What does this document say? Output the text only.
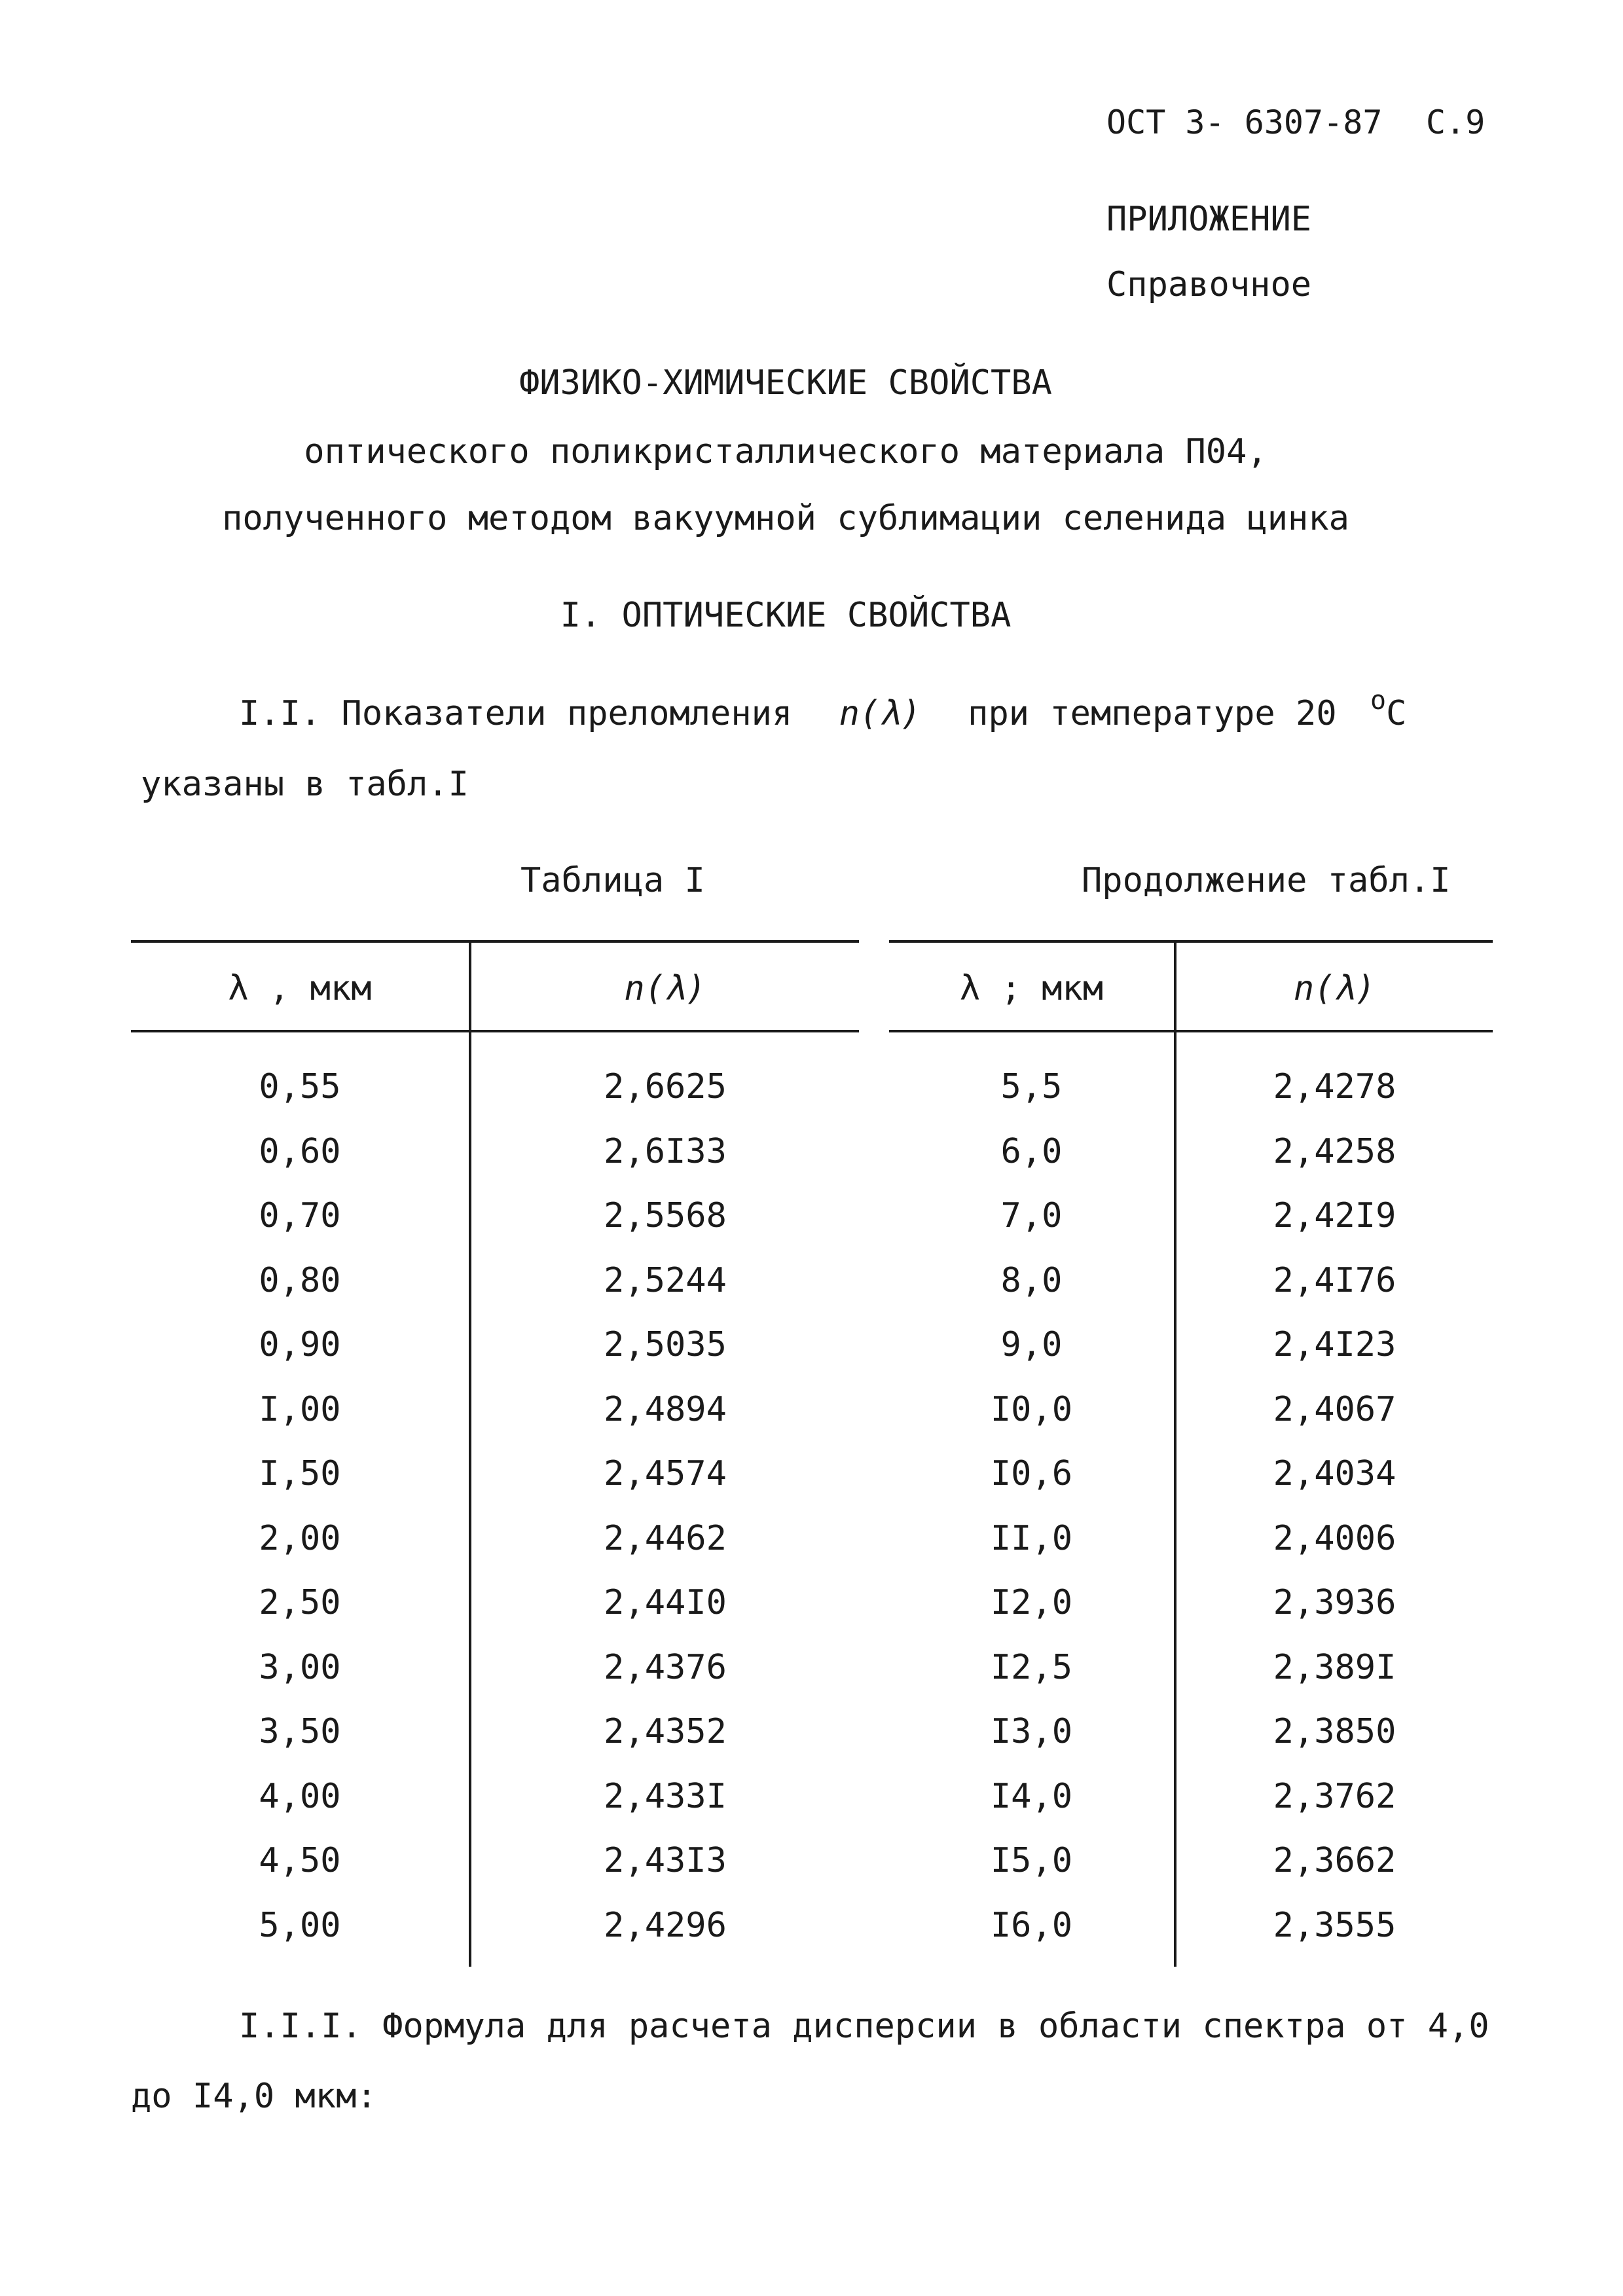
ОСТ 3- 6307-87 С.9
ПРИЛОЖЕНИЕ
Справочное
ФИЗИКО-ХИМИЧЕСКИЕ СВОЙСТВА
оптического поликристаллического материала П04,
полученного методом вакуумной сублимации селенида цинка
I. ОПТИЧЕСКИЕ СВОЙСТВА
I.I. Показатели преломления n(λ) при температуре 20 $^o$C
указаны в табл.I
Таблица I	Продолжение табл.I
λ , мкм	n(λ)
0,55	2,6625
0,60	2,6I33
0,70	2,5568
0,80	2,5244
0,90	2,5035
I,00	2,4894
I,50	2,4574
2,00	2,4462
2,50	2,44I0
3,00	2,4376
3,50	2,4352
4,00	2,433I
4,50	2,43I3
5,00	2,4296
λ ; мкм	n(λ)
5,5	2,4278
6,0	2,4258
7,0	2,42I9
8,0	2,4I76
9,0	2,4I23
I0,0	2,4067
I0,6	2,4034
II,0	2,4006
I2,0	2,3936
I2,5	2,389I
I3,0	2,3850
I4,0	2,3762
I5,0	2,3662
I6,0	2,3555
I.I.I. Формула для расчета дисперсии в области спектра от 4,0
до I4,0 мкм:
